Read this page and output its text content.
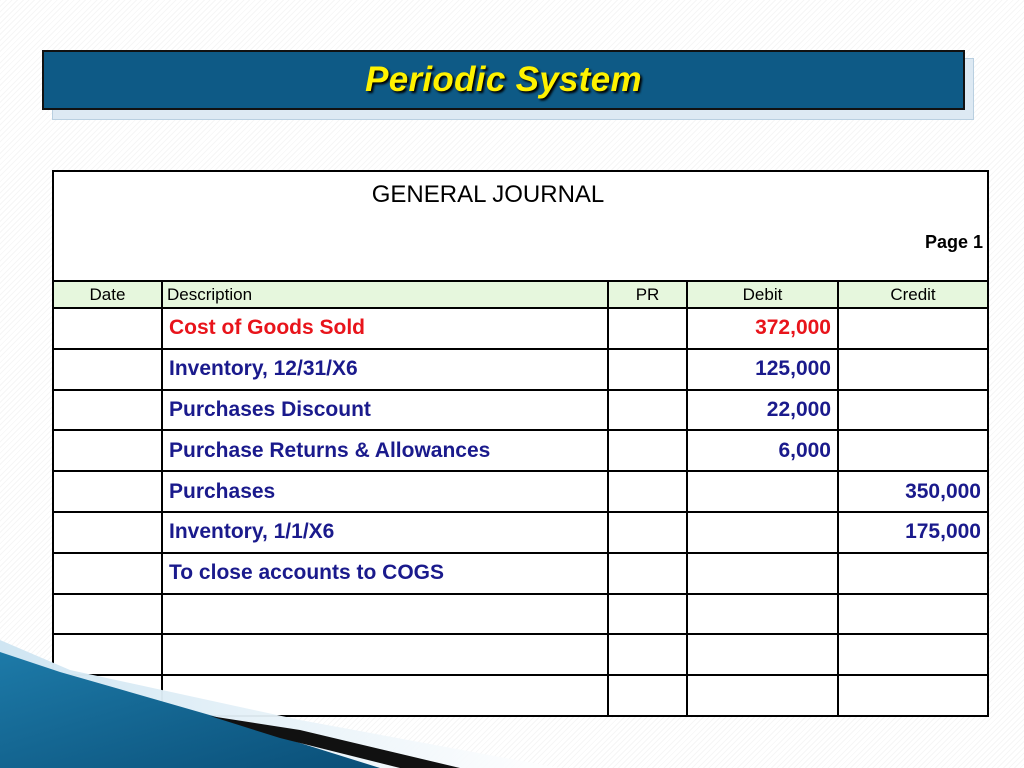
Periodic System
GENERAL JOURNAL
Page 1
Date	Description	PR	Debit	Credit
	Cost of Goods Sold		372,000	
	Inventory, 12/31/X6		125,000	
	Purchases Discount		22,000	
	Purchase Returns & Allowances		6,000	
	Purchases			350,000
	Inventory, 1/1/X6			175,000
	To close accounts to COGS			
